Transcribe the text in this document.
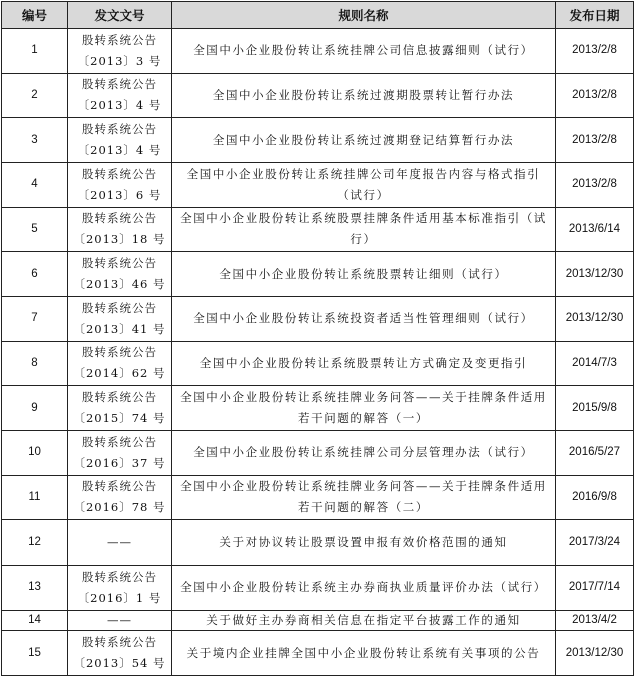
编号	发文文号	规则名称	发布日期
1	股转系统公告〔2013〕3 号	全国中小企业股份转让系统挂牌公司信息披露细则（试行）	2013/2/8
2	股转系统公告〔2013〕4 号	全国中小企业股份转让系统过渡期股票转让暂行办法	2013/2/8
3	股转系统公告〔2013〕4 号	全国中小企业股份转让系统过渡期登记结算暂行办法	2013/2/8
4	股转系统公告〔2013〕6 号	全国中小企业股份转让系统挂牌公司年度报告内容与格式指引（试行）	2013/2/8
5	股转系统公告〔2013〕18 号	全国中小企业股份转让系统股票挂牌条件适用基本标准指引（试行）	2013/6/14
6	股转系统公告〔2013〕46 号	全国中小企业股份转让系统股票转让细则（试行）	2013/12/30
7	股转系统公告〔2013〕41 号	全国中小企业股份转让系统投资者适当性管理细则（试行）	2013/12/30
8	股转系统公告〔2014〕62 号	全国中小企业股份转让系统股票转让方式确定及变更指引	2014/7/3
9	股转系统公告〔2015〕74 号	全国中小企业股份转让系统挂牌业务问答——关于挂牌条件适用若干问题的解答（一）	2015/9/8
10	股转系统公告〔2016〕37 号	全国中小企业股份转让系统挂牌公司分层管理办法（试行）	2016/5/27
11	股转系统公告〔2016〕78 号	全国中小企业股份转让系统挂牌业务问答——关于挂牌条件适用若干问题的解答（二）	2016/9/8
12	——	关于对协议转让股票设置申报有效价格范围的通知	2017/3/24
13	股转系统公告〔2016〕1 号	全国中小企业股份转让系统主办券商执业质量评价办法（试行）	2017/7/14
14	——	关于做好主办券商相关信息在指定平台披露工作的通知	2013/4/2
15	股转系统公告〔2013〕54 号	关于境内企业挂牌全国中小企业股份转让系统有关事项的公告	2013/12/30
